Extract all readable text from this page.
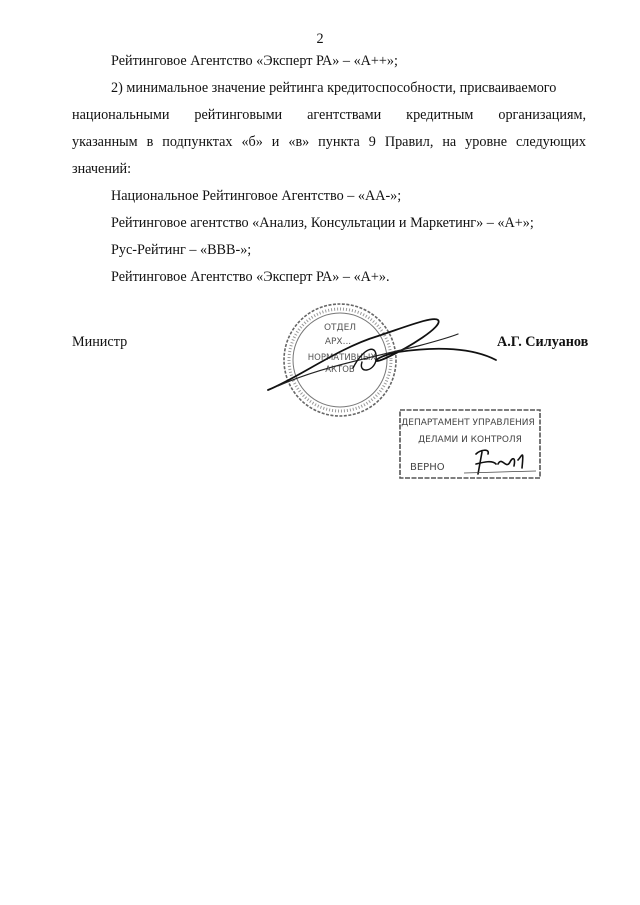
2
Рейтинговое Агентство «Эксперт РА» – «А++»;
2) минимальное значение рейтинга кредитоспособности, присваиваемого
национальными рейтинговыми агентствами кредитным организациям,
указанным в подпунктах «б» и «в» пункта 9 Правил, на уровне следующих
значений:
Национальное Рейтинговое Агентство – «АА-»;
Рейтинговое агентство «Анализ, Консультации и Маркетинг» – «А+»;
Рус-Рейтинг – «ВВВ-»;
Рейтинговое Агентство «Эксперт РА» – «А+».
ОТДЕЛ
АРХ...
НОРМАТИВНЫХ
АКТОВ
Министр	А.Г. Силуанов
ДЕПАРТАМЕНТ УПРАВЛЕНИЯ
ДЕЛАМИ И КОНТРОЛЯ
ВЕРНО
